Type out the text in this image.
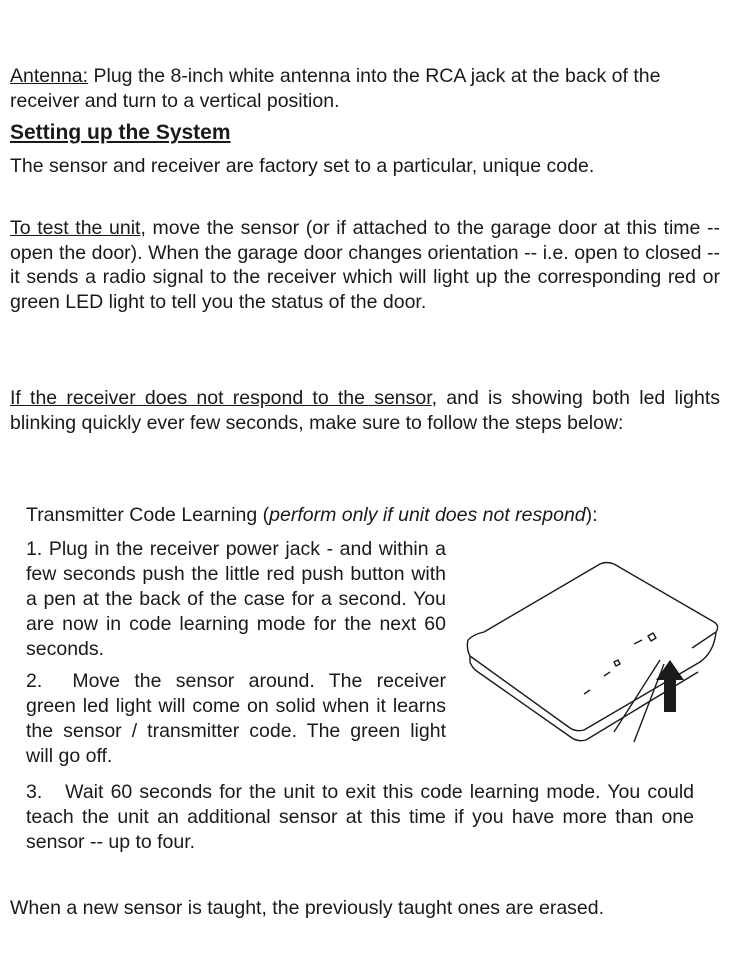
Antenna: Plug the 8-inch white antenna into the RCA jack at the back of the receiver and turn to a vertical position.

Setting up the System

The sensor and receiver are factory set to a particular, unique code.

To test the unit, move the sensor (or if attached to the garage door at this time -- open the door). When the garage door changes orientation -- i.e. open to closed -- it sends a radio signal to the receiver which will light up the corresponding red or green LED light to tell you the status of the door.

If the receiver does not respond to the sensor, and is showing both led lights blinking quickly ever few seconds, make sure to follow the steps below:

Transmitter Code Learning (perform only if unit does not respond):

1. Plug in the receiver power jack - and within a few seconds push the little red push button with a pen at the back of the case for a second. You are now in code learning mode for the next 60 seconds.

2. Move the sensor around. The receiver green led light will come on solid when it learns the sensor / transmitter code. The green light will go off.

3. Wait 60 seconds for the unit to exit this code learning mode. You could teach the unit an additional sensor at this time if you have more than one sensor -- up to four.

When a new sensor is taught, the previously taught ones are erased.
